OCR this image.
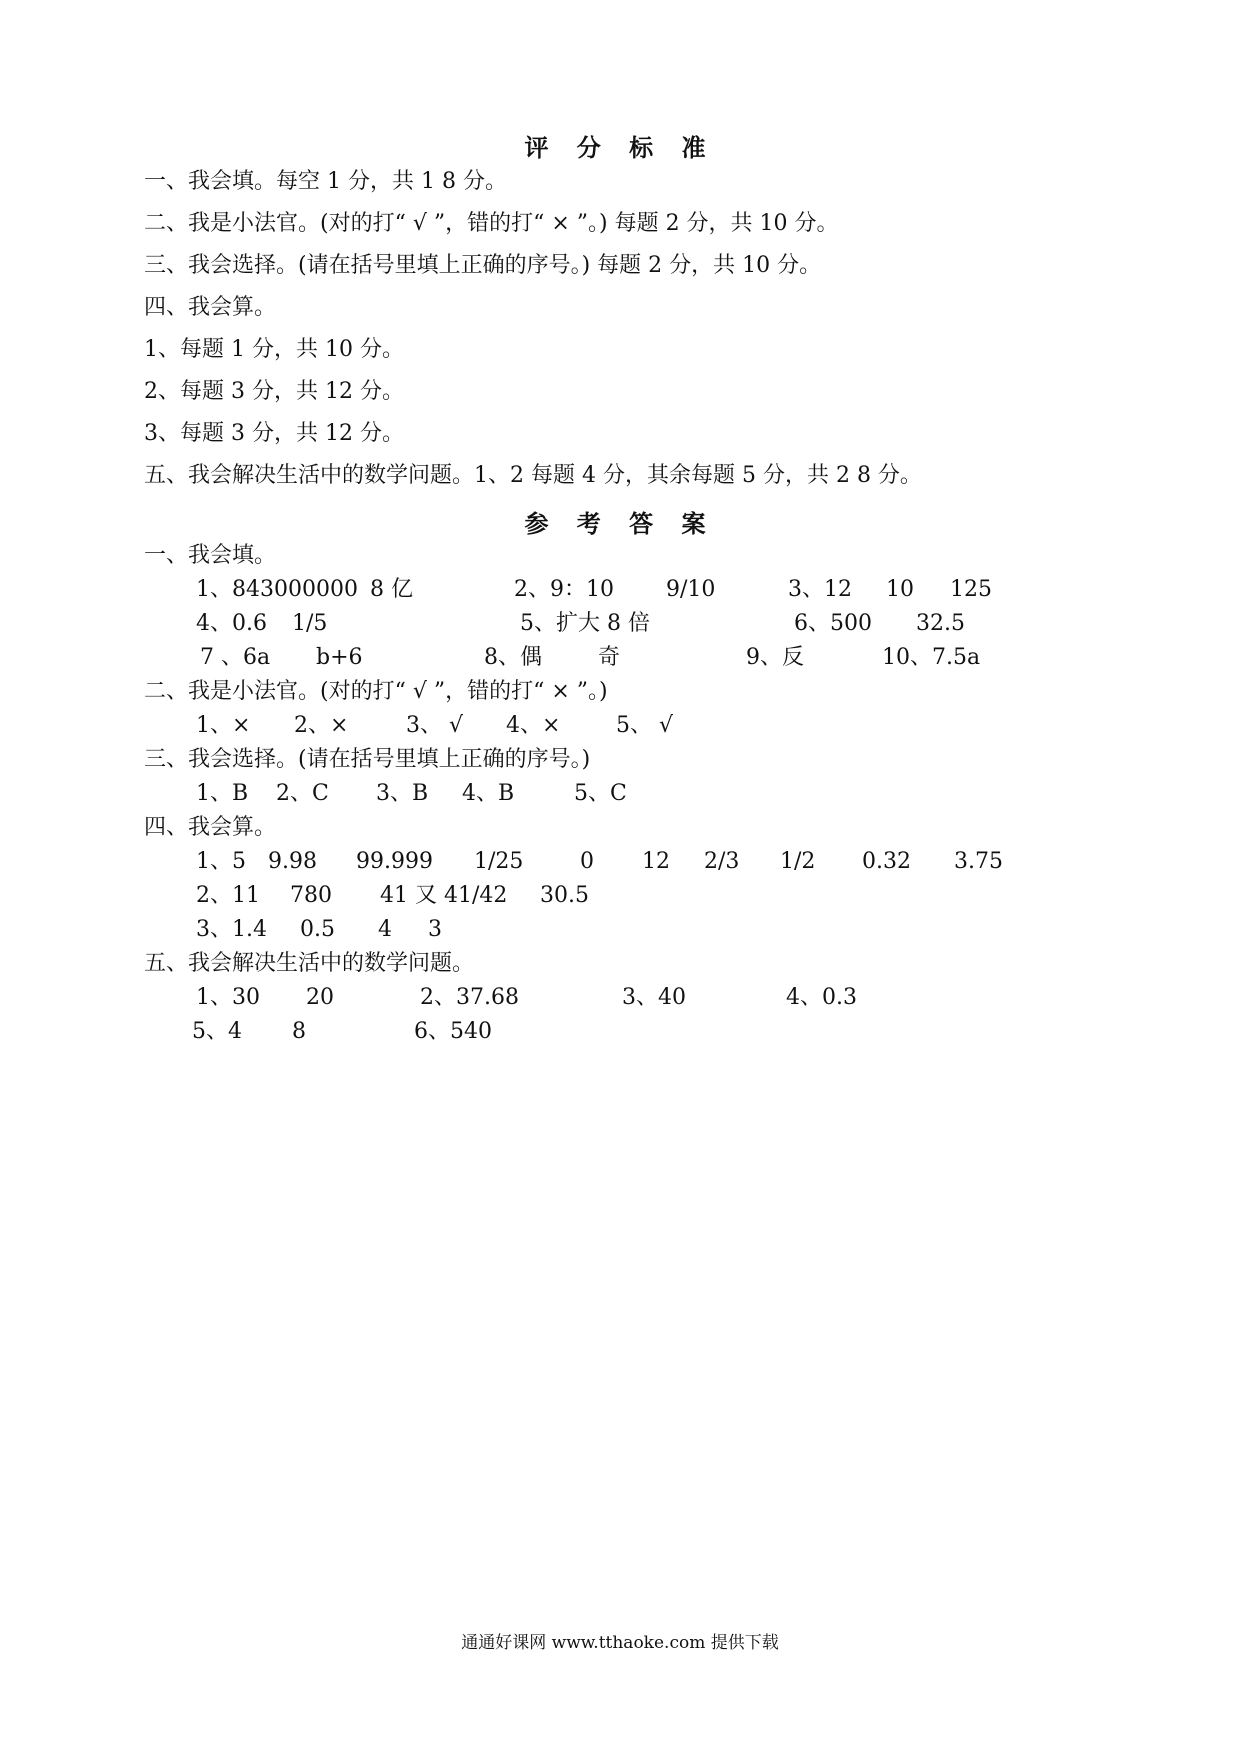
评 分 标 准
一、我会填。每空 1 分，共 1 8 分。
二、我是小法官。(对的打“ √ ”，错的打“ × ”。) 每题 2 分，共 10 分。
三、我会选择。(请在括号里填上正确的序号。) 每题 2 分，共 10 分。
四、我会算。
1、每题 1 分，共 10 分。
2、每题 3 分，共 12 分。
3、每题 3 分，共 12 分。
五、我会解决生活中的数学问题。1、2 每题 4 分，其余每题 5 分，共 2 8 分。
参 考 答 案
一、我会填。
1、843000000 8 亿	2、9：10 9/10	3、12 10 125
4、0.6 1/5	5、扩大 8 倍	6、500 32.5
7 、6a b+6	8、偶	奇	9、反	10、7.5a
二、我是小法官。(对的打“ √ ”，错的打“ × ”。)
1、× 2、×	3、 √ 4、×	5、 √
三、我会选择。(请在括号里填上正确的序号。)
1、B 2、C 3、B 4、B	5、C
四、我会算。
1、5 9.98 99.999 1/25	0 12 2/3 1/2 0.32 3.75
2、11 780 41 又 41/42 30.5
3、1.4 0.5 4 3
五、我会解决生活中的数学问题。
1、30 20	2、37.68	3、40	4、0.3
5、4 8	6、540
通通好课网 www.tthaoke.com 提供下载
